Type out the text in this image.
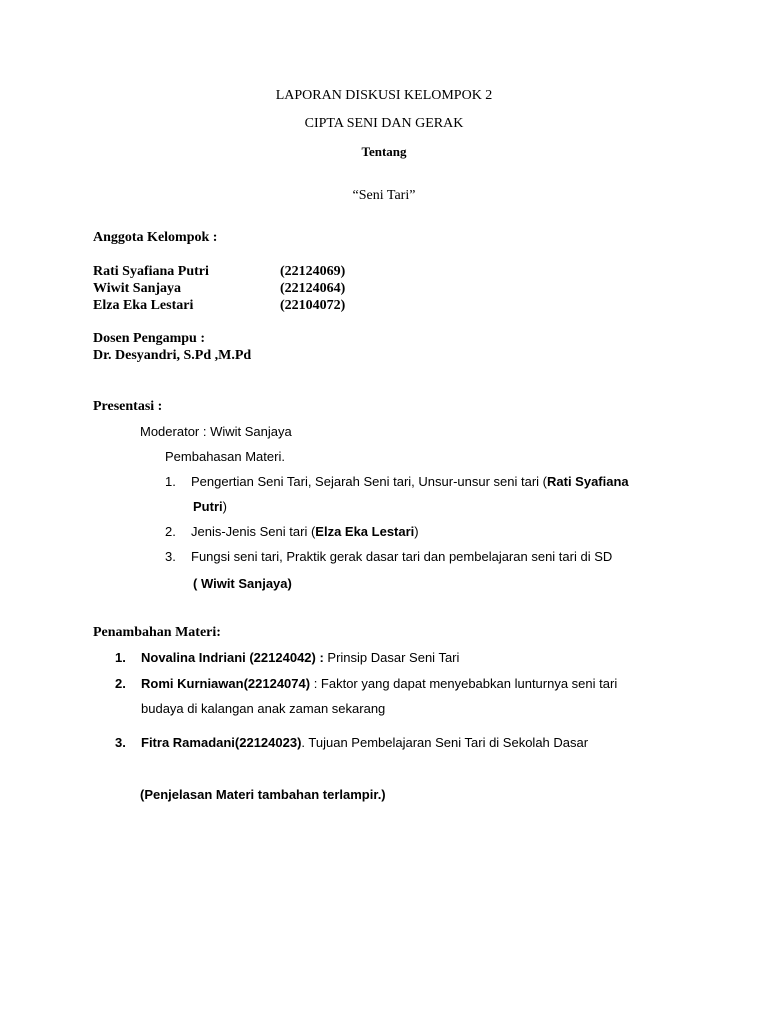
LAPORAN DISKUSI KELOMPOK 2
CIPTA SENI DAN GERAK
Tentang
“Seni Tari”
Anggota Kelompok :
Rati Syafiana Putri	(22124069)
Wiwit Sanjaya	(22124064)
Elza Eka Lestari	(22104072)
Dosen Pengampu :
Dr. Desyandri, S.Pd ,M.Pd
Presentasi :
Moderator : Wiwit Sanjaya
Pembahasan Materi.
1. Pengertian Seni Tari, Sejarah Seni tari, Unsur-unsur seni tari (Rati Syafiana
Putri)
2. Jenis-Jenis Seni tari (Elza Eka Lestari)
3. Fungsi seni tari, Praktik gerak dasar tari dan pembelajaran seni tari di SD
( Wiwit Sanjaya)
Penambahan Materi:
1. Novalina Indriani (22124042) : Prinsip Dasar Seni Tari
2. Romi Kurniawan(22124074) : Faktor yang dapat menyebabkan lunturnya seni tari
budaya di kalangan anak zaman sekarang
3. Fitra Ramadani(22124023). Tujuan Pembelajaran Seni Tari di Sekolah Dasar
(Penjelasan Materi tambahan terlampir.)
